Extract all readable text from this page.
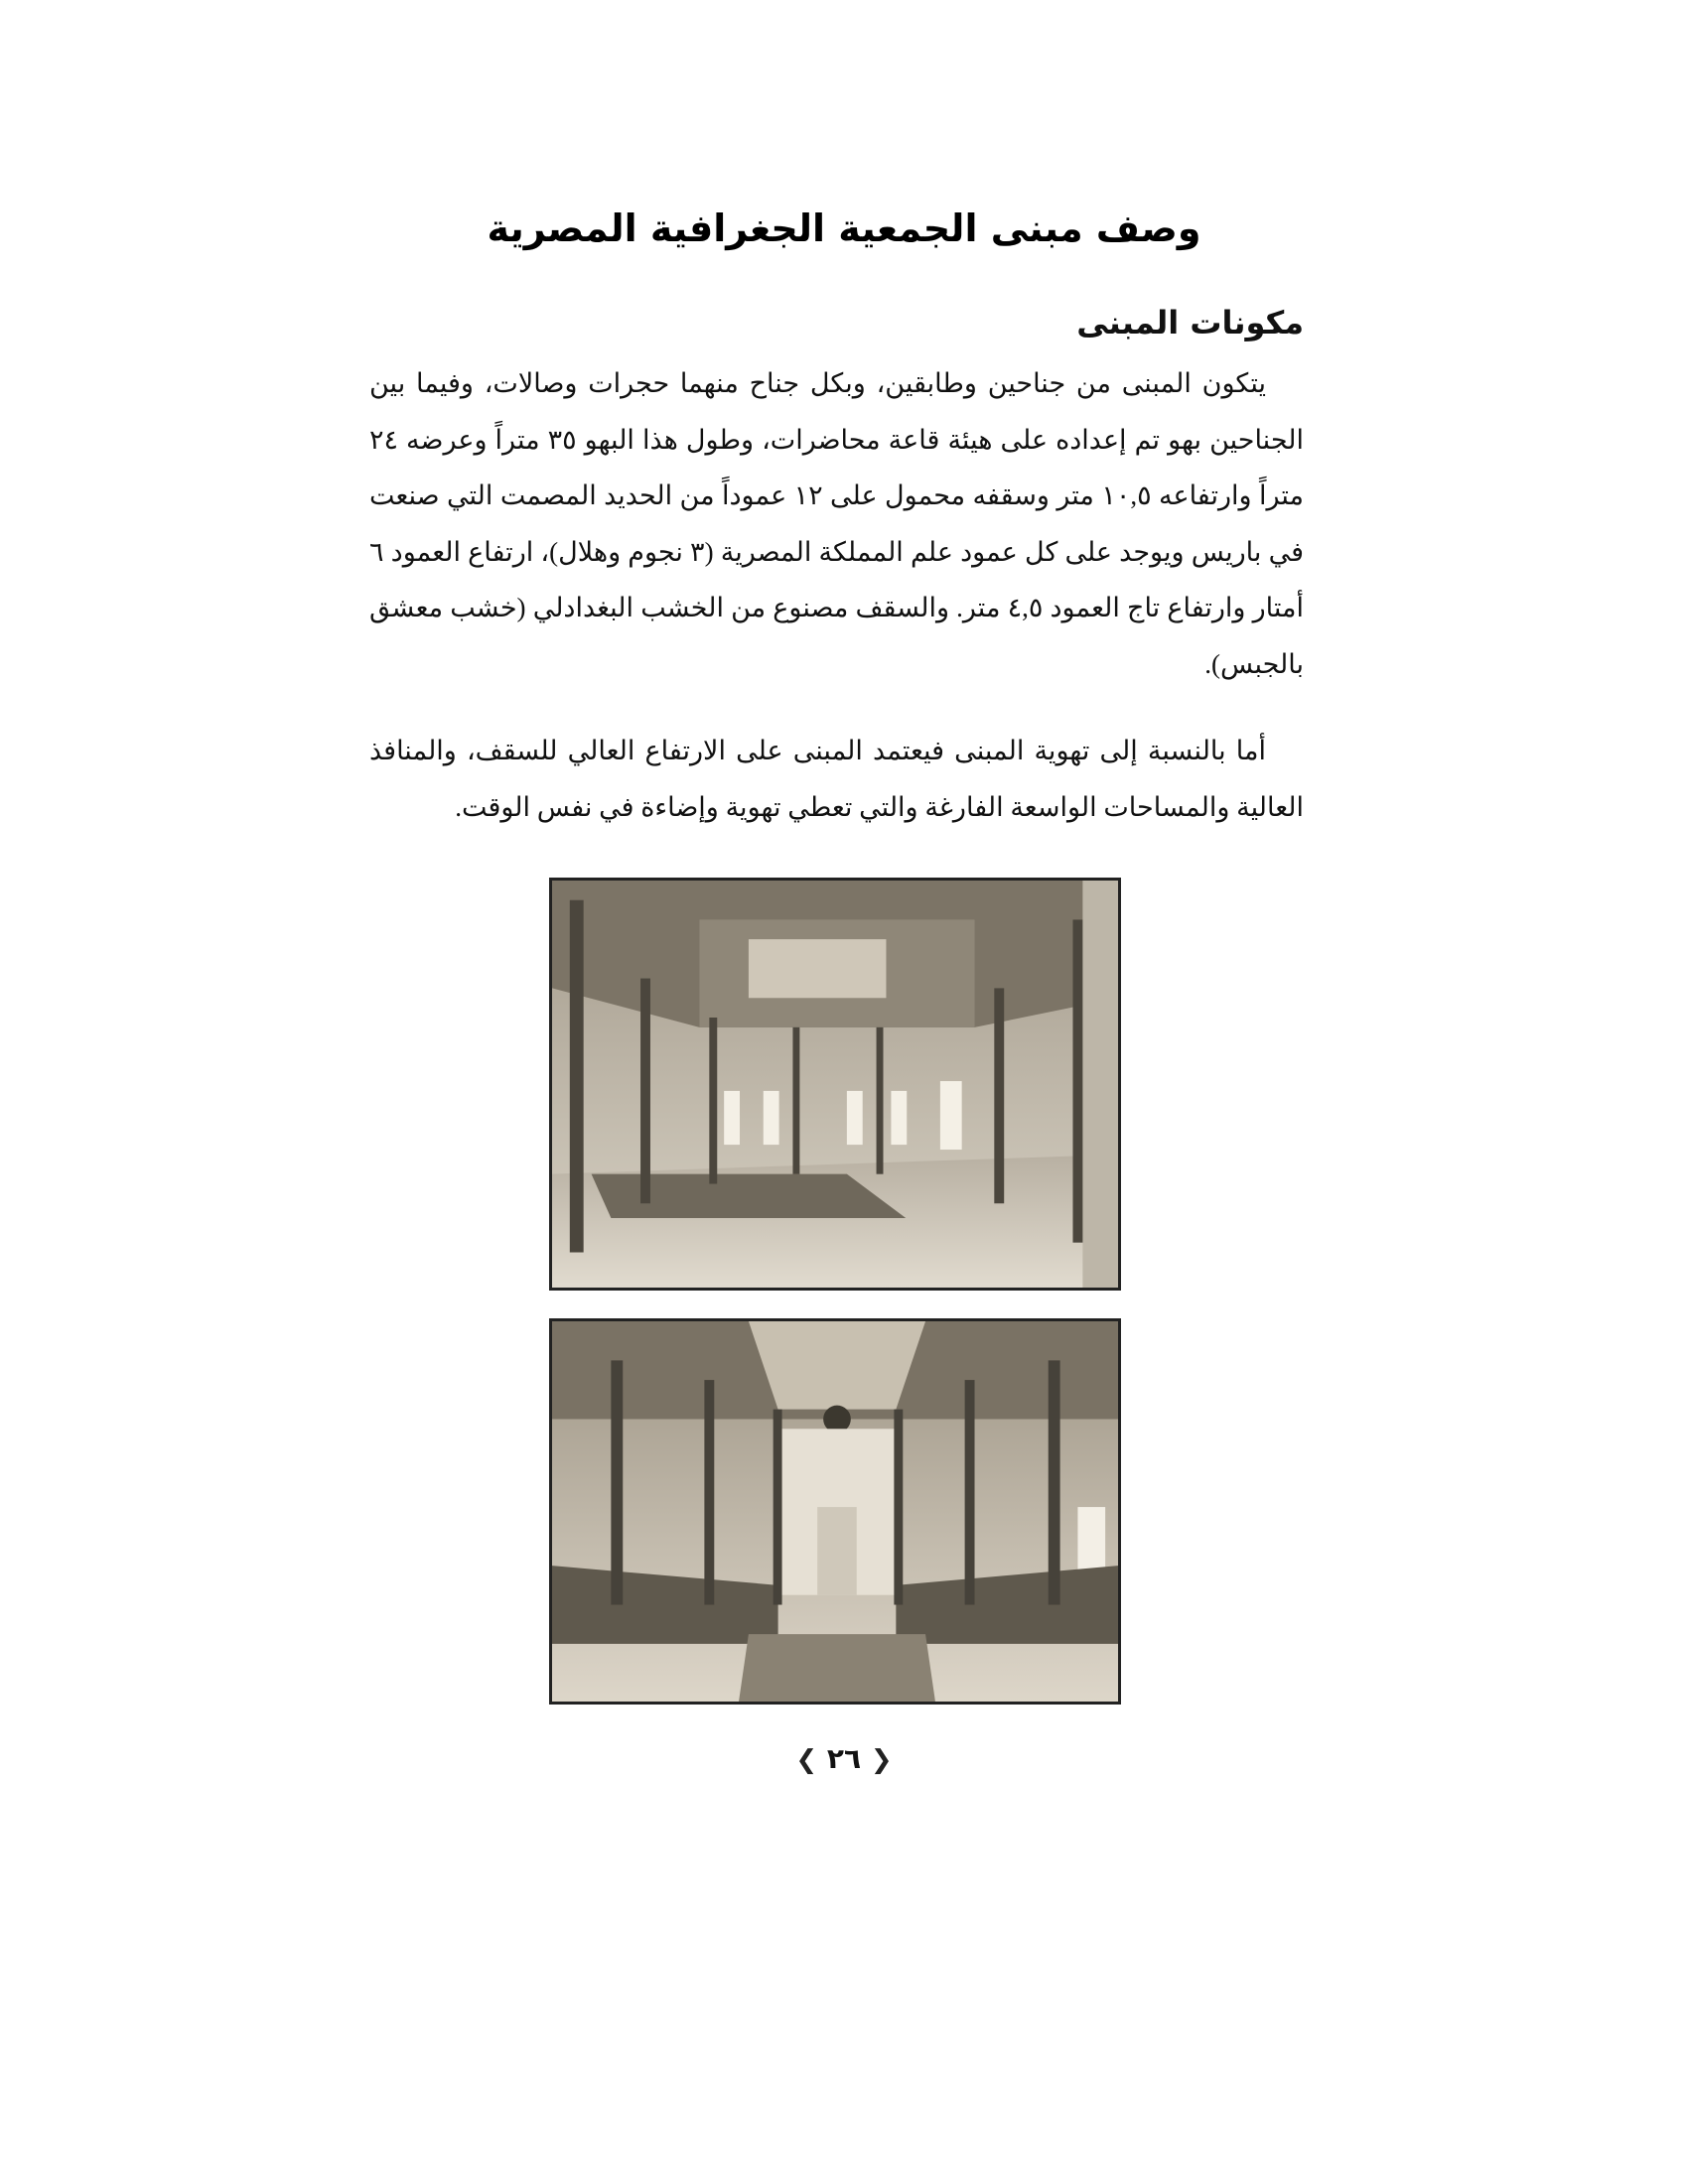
وصف مبنى الجمعية الجغرافية المصرية
مكونات المبنى

يتكون المبنى من جناحين وطابقين، وبكل جناح منهما حجرات وصالات، وفيما بين الجناحين بهو تم إعداده على هيئة قاعة محاضرات، وطول هذا البهو ٣٥ متراً وعرضه ٢٤ متراً وارتفاعه ١٠,٥ متر وسقفه محمول على ١٢ عموداً من الحديد المصمت التي صنعت في باريس ويوجد على كل عمود علم المملكة المصرية (٣ نجوم وهلال)، ارتفاع العمود ٦ أمتار وارتفاع تاج العمود ٤,٥ متر. والسقف مصنوع من الخشب البغدادلي (خشب معشق بالجبس).

أما بالنسبة إلى تهوية المبنى فيعتمد المبنى على الارتفاع العالي للسقف، والمنافذ العالية والمساحات الواسعة الفارغة والتي تعطي تهوية وإضاءة في نفس الوقت.

❮ ٢٦ ❯
